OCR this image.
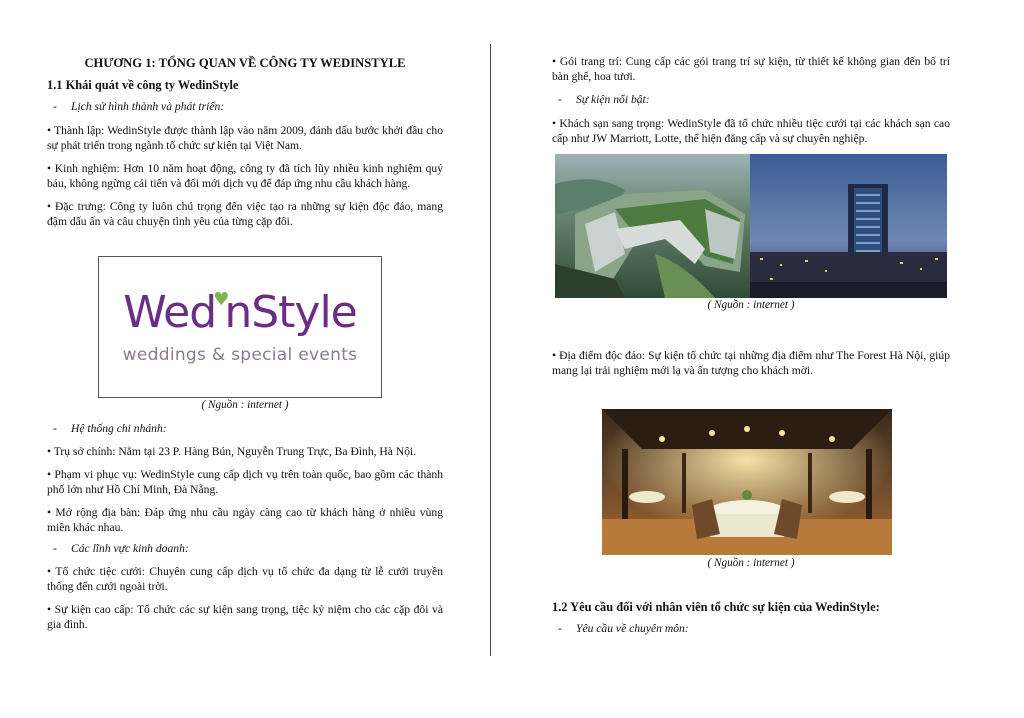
CHƯƠNG 1: TỔNG QUAN VỀ CÔNG TY WEDINSTYLE
1.1 Khái quát về công ty WedinStyle
- Lịch sử hình thành và phát triển:
• Thành lập: WedinStyle được thành lập vào năm 2009, đánh dấu bước khởi đầu cho sự phát triển trong ngành tổ chức sự kiện tại Việt Nam.
• Kinh nghiệm: Hơn 10 năm hoạt động, công ty đã tích lũy nhiều kinh nghiệm quý báu, không ngừng cải tiến và đổi mới dịch vụ để đáp ứng nhu cầu khách hàng.
• Đặc trưng: Công ty luôn chú trọng đến việc tạo ra những sự kiện độc đáo, mang đậm dấu ấn và câu chuyện tình yêu của từng cặp đôi.
Wed♥nStyle
weddings & special events
( Nguồn : internet )
- Hệ thống chi nhánh:
• Trụ sở chính: Nằm tại 23 P. Hàng Bún, Nguyễn Trung Trực, Ba Đình, Hà Nội.
• Phạm vi phục vụ: WedinStyle cung cấp dịch vụ trên toàn quốc, bao gồm các thành phố lớn như Hồ Chí Minh, Đà Nẵng.
• Mở rộng địa bàn: Đáp ứng nhu cầu ngày càng cao từ khách hàng ở nhiều vùng miền khác nhau.
- Các lĩnh vực kinh doanh:
• Tổ chức tiệc cưới: Chuyên cung cấp dịch vụ tổ chức đa dạng từ lễ cưới truyền thống đến cưới ngoài trời.
• Sự kiện cao cấp: Tổ chức các sự kiện sang trọng, tiệc kỷ niệm cho các cặp đôi và gia đình.
• Gói trang trí: Cung cấp các gói trang trí sự kiện, từ thiết kế không gian đến bố trí bàn ghế, hoa tươi.
- Sự kiện nổi bật:
• Khách sạn sang trọng: WedinStyle đã tổ chức nhiều tiệc cưới tại các khách sạn cao cấp như JW Marriott, Lotte, thể hiện đẳng cấp và sự chuyên nghiệp.
( Nguồn : internet )
• Địa điểm độc đáo: Sự kiện tổ chức tại những địa điểm như The Forest Hà Nội, giúp mang lại trải nghiệm mới lạ và ấn tượng cho khách mời.
( Nguồn : internet )
1.2 Yêu cầu đối với nhân viên tổ chức sự kiện của WedinStyle:
- Yêu cầu về chuyên môn:
